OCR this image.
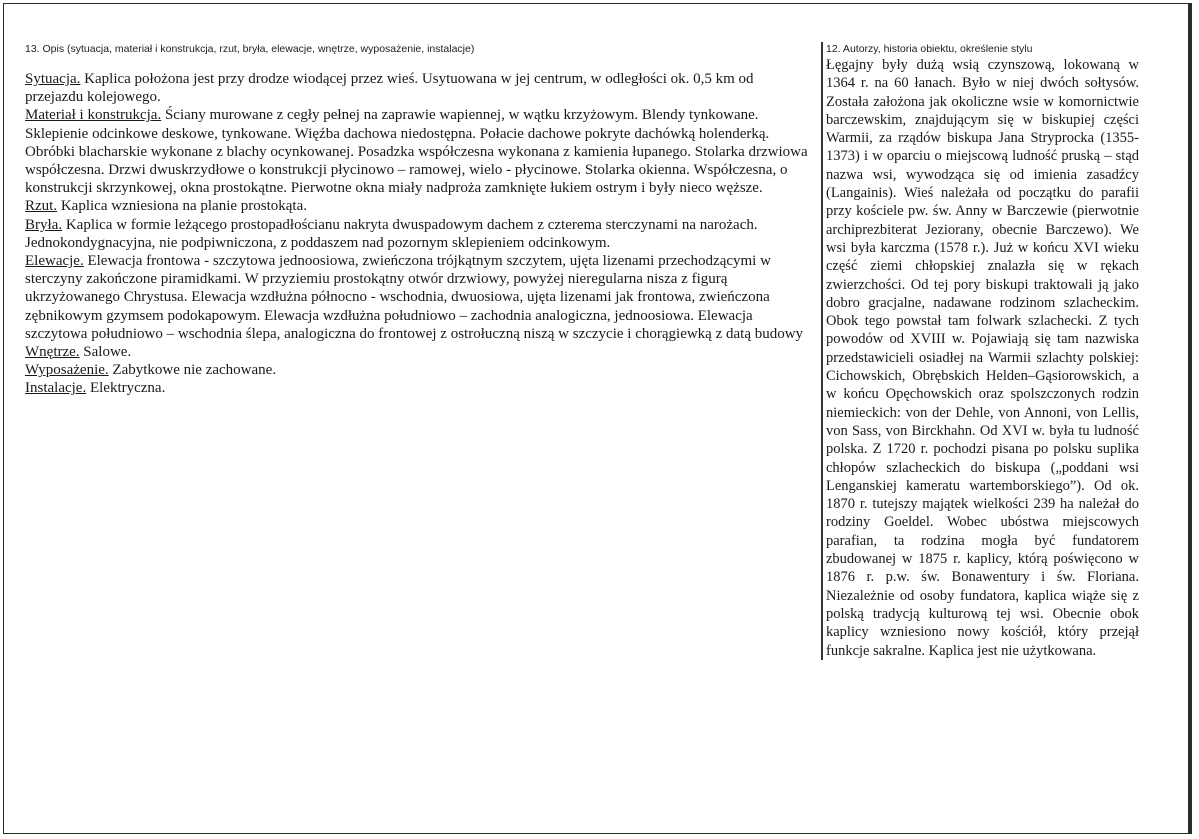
13. Opis (sytuacja, materiał i konstrukcja, rzut, bryła, elewacje, wnętrze, wyposażenie, instalacje)

Sytuacja. Kaplica położona jest przy drodze wiodącej przez wieś. Usytuowana w jej centrum, w odległości ok. 0,5 km od przejazdu kolejowego.

Materiał i konstrukcja. Ściany murowane z cegły pełnej na zaprawie wapiennej, w wątku krzyżowym. Blendy tynkowane. Sklepienie odcinkowe deskowe, tynkowane. Więźba dachowa niedostępna. Połacie dachowe pokryte dachówką holenderką. Obróbki blacharskie wykonane z blachy ocynkowanej. Posadzka współczesna wykonana z kamienia łupanego. Stolarka drzwiowa współczesna. Drzwi dwuskrzydłowe o konstrukcji płycinowo – ramowej, wielo - płycinowe. Stolarka okienna. Współczesna, o konstrukcji skrzynkowej, okna prostokątne. Pierwotne okna miały nadproża zamknięte łukiem ostrym i były nieco węższe.

Rzut. Kaplica wzniesiona na planie prostokąta.

Bryła. Kaplica w formie leżącego prostopadłościanu nakryta dwuspadowym dachem z czterema sterczynami na narożach. Jednokondygnacyjna, nie podpiwniczona, z poddaszem nad pozornym sklepieniem odcinkowym.

Elewacje. Elewacja frontowa - szczytowa jednoosiowa, zwieńczona trójkątnym szczytem, ujęta lizenami przechodzącymi w sterczyny zakończone piramidkami. W przyziemiu prostokątny otwór drzwiowy, powyżej nieregularna nisza z figurą ukrzyżowanego Chrystusa. Elewacja wzdłużna północno - wschodnia, dwuosiowa, ujęta lizenami jak frontowa, zwieńczona zębnikowym gzymsem podokapowym. Elewacja wzdłużna południowo – zachodnia analogiczna, jednoosiowa. Elewacja szczytowa południowo – wschodnia ślepa, analogiczna do frontowej z ostrołuczną niszą w szczycie i chorągiewką z datą budowy

Wnętrze. Salowe.

Wyposażenie. Zabytkowe nie zachowane.

Instalacje. Elektryczna.

12. Autorzy, historia obiektu, określenie stylu

Łęgajny były dużą wsią czynszową, lokowaną w 1364 r. na 60 łanach. Było w niej dwóch sołtysów. Została założona jak okoliczne wsie w komornictwie barczewskim, znajdującym się w biskupiej części Warmii, za rządów biskupa Jana Stryprocka (1355-1373) i w oparciu o miejscową ludność pruską – stąd nazwa wsi, wywodząca się od imienia zasadźcy (Langainis). Wieś należała od początku do parafii przy kościele pw. św. Anny w Barczewie (pierwotnie archiprezbiterat Jeziorany, obecnie Barczewo). We wsi była karczma (1578 r.). Już w końcu XVI wieku część ziemi chłopskiej znalazła się w rękach zwierzchości. Od tej pory biskupi traktowali ją jako dobro gracjalne, nadawane rodzinom szlacheckim. Obok tego powstał tam folwark szlachecki. Z tych powodów od XVIII w. Pojawiają się tam nazwiska przedstawicieli osiadłej na Warmii szlachty polskiej: Cichowskich, Obrębskich Helden–Gąsiorowskich, a w końcu Opęchowskich oraz spolszczonych rodzin niemieckich: von der Dehle, von Annoni, von Lellis, von Sass, von Birckhahn. Od XVI w. była tu ludność polska. Z 1720 r. pochodzi pisana po polsku suplika chłopów szlacheckich do biskupa („poddani wsi Lenganskiej kameratu wartemborskiego”). Od ok. 1870 r. tutejszy majątek wielkości 239 ha należał do rodziny Goeldel. Wobec ubóstwa miejscowych parafian, ta rodzina mogła być fundatorem zbudowanej w 1875 r. kaplicy, którą poświęcono w 1876 r. p.w. św. Bonawentury i św. Floriana. Niezależnie od osoby fundatora, kaplica wiąże się z polską tradycją kulturową tej wsi. Obecnie obok kaplicy wzniesiono nowy kościół, który przejął funkcje sakralne. Kaplica jest nie użytkowana.
